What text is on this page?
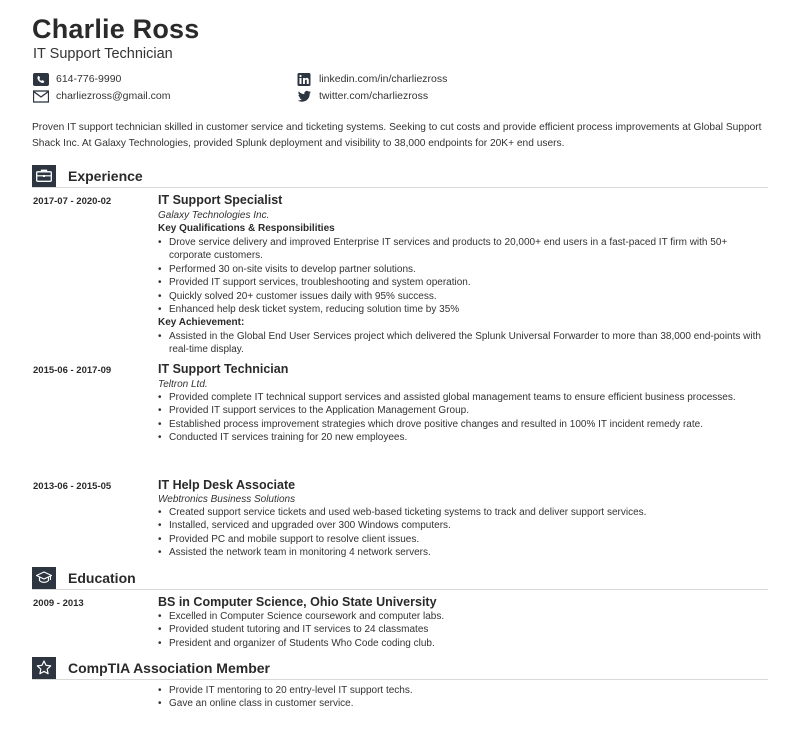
Charlie Ross
IT Support Technician
614-776-9990
charliezross@gmail.com
linkedin.com/in/charliezross
twitter.com/charliezross

Proven IT support technician skilled in customer service and ticketing systems. Seeking to cut costs and provide efficient process improvements at Global Support Shack Inc. At Galaxy Technologies, provided Splunk deployment and visibility to 38,000 endpoints for 20K+ end users.

Experience
2017-07 - 2020-02	IT Support Specialist
Galaxy Technologies Inc.
Key Qualifications & Responsibilities
• Drove service delivery and improved Enterprise IT services and products to 20,000+ end users in a fast-paced IT firm with 50+ corporate customers.
• Performed 30 on-site visits to develop partner solutions.
• Provided IT support services, troubleshooting and system operation.
• Quickly solved 20+ customer issues daily with 95% success.
• Enhanced help desk ticket system, reducing solution time by 35%
Key Achievement:
• Assisted in the Global End User Services project which delivered the Splunk Universal Forwarder to more than 38,000 end-points with real-time display.
2015-06 - 2017-09	IT Support Technician
Teltron Ltd.
• Provided complete IT technical support services and assisted global management teams to ensure efficient business processes.
• Provided IT support services to the Application Management Group.
• Established process improvement strategies which drove positive changes and resulted in 100% IT incident remedy rate.
• Conducted IT services training for 20 new employees.
2013-06 - 2015-05	IT Help Desk Associate
Webtronics Business Solutions
• Created support service tickets and used web-based ticketing systems to track and deliver support services.
• Installed, serviced and upgraded over 300 Windows computers.
• Provided PC and mobile support to resolve client issues.
• Assisted the network team in monitoring 4 network servers.
Education
2009 - 2013	BS in Computer Science, Ohio State University
• Excelled in Computer Science coursework and computer labs.
• Provided student tutoring and IT services to 24 classmates
• President and organizer of Students Who Code coding club.
CompTIA Association Member
• Provide IT mentoring to 20 entry-level IT support techs.
• Gave an online class in customer service.
